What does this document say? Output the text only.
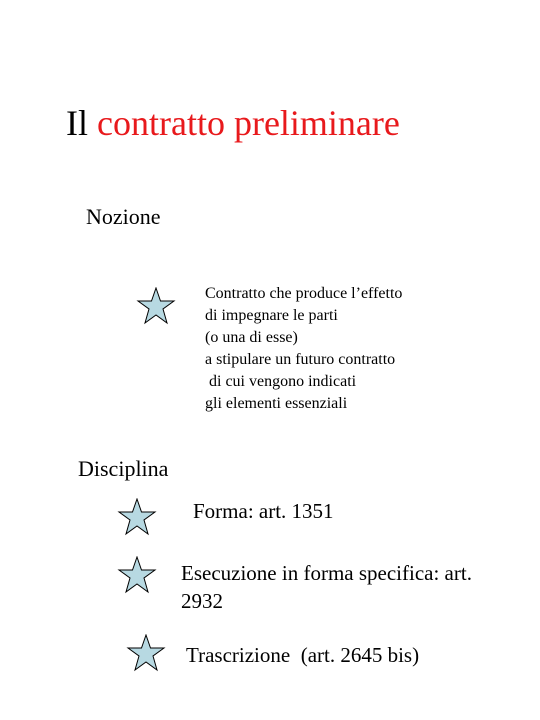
Il contratto preliminare
Nozione
Contratto che produce l’effetto
di impegnare le parti
(o una di esse)
a stipulare un futuro contratto
di cui vengono indicati
gli elementi essenziali
Disciplina
Forma: art. 1351
Esecuzione in forma specifica: art.
2932
Trascrizione  (art. 2645 bis)
